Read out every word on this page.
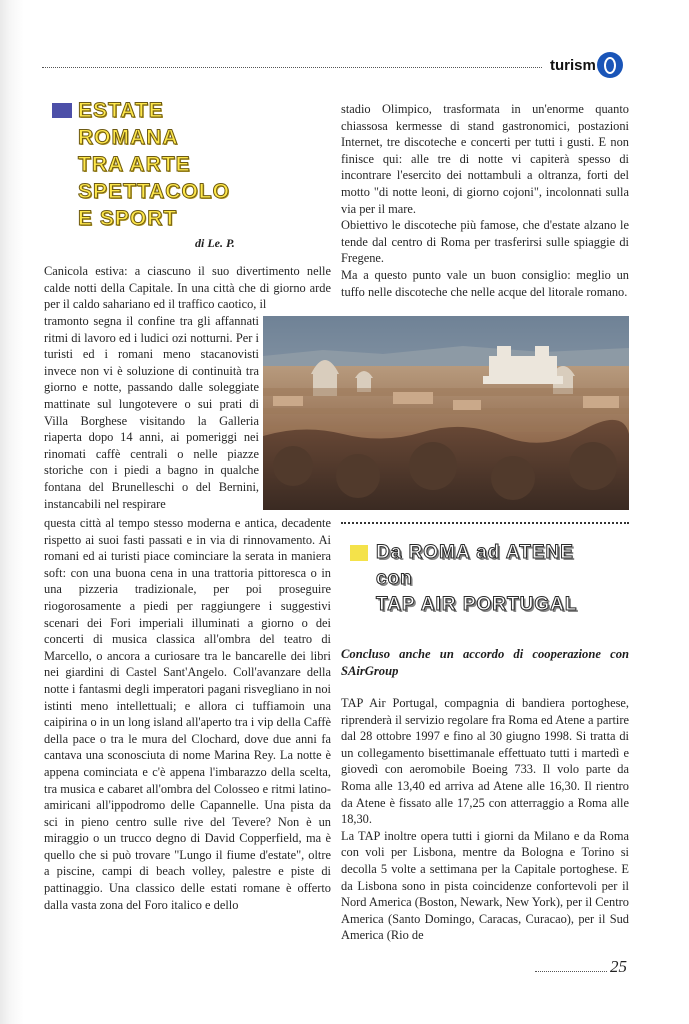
turism
ESTATE
ROMANA
TRA ARTE
SPETTACOLO
E SPORT
di Le. P.

Canicola estiva: a ciascuno il suo divertimento nelle calde notti della Capitale. In una città che di giorno arde per il caldo sahariano ed il traffico caotico, il

tramonto segna il confine tra gli affannati ritmi di lavoro ed i ludici ozi notturni. Per i turisti ed i romani meno stacanovisti invece non vi è soluzione di continuità tra giorno e notte, passando dalle soleggiate mattinate sul lungotevere o sui prati di Villa Borghese visitando la Galleria riaperta dopo 14 anni, ai pomeriggi nei rinomati caffè centrali o nelle piazze storiche con i piedi a bagno in qualche fontana del Brunelleschi o del Bernini, instancabili nel respirare

questa città al tempo stesso moderna e antica, decadente rispetto ai suoi fasti passati e in via di rinnovamento. Ai romani ed ai turisti piace cominciare la serata in maniera soft: con una buona cena in una trattoria pittoresca o in una pizzeria tradizionale, per poi proseguire riogorosamente a piedi per raggiungere i suggestivi scenari dei Fori imperiali illuminati a giorno o dei concerti di musica classica all'ombra del teatro di Marcello, o ancora a curiosare tra le bancarelle dei libri nei giardini di Castel Sant'Angelo. Coll'avanzare della notte i fantasmi degli imperatori pagani risvegliano in noi istinti meno intellettuali; e allora ci tuffiamoin una caipirina o in un long island all'aperto tra i vip della Caffè della pace o tra le mura del Clochard, dove due anni fa cantava una sconosciuta di nome Marina Rey. La notte è appena cominciata e c'è appena l'imbarazzo della scelta, tra musica e cabaret all'ombra del Colosseo e ritmi latino-amiricani all'ippodromo delle Capannelle. Una pista da sci in pieno centro sulle rive del Tevere? Non è un miraggio o un trucco degno di David Copperfield, ma è quello che si può trovare "Lungo il fiume d'estate", oltre a piscine, campi di beach volley, palestre e piste di pattinaggio. Una classico delle estati romane è offerto dalla vasta zona del Foro italico e dello

stadio Olimpico, trasformata in un'enorme quanto chiassosa kermesse di stand gastronomici, postazioni Internet, tre discoteche e concerti per tutti i gusti. E non finisce qui: alle tre di notte vi capiterà spesso di incontrare l'esercito dei nottambuli a oltranza, forti del motto "di notte leoni, di giorno cojoni", incolonnati sulla via per il mare.

Obiettivo le discoteche più famose, che d'estate alzano le tende dal centro di Roma per trasferirsi sulle spiaggie di Fregene.

Ma a questo punto vale un buon consiglio: meglio un tuffo nelle discoteche che nelle acque del litorale romano.

Da ROMA ad ATENE
con
TAP AIR PORTUGAL

Concluso anche un accordo di cooperazione con SAirGroup

TAP Air Portugal, compagnia di bandiera portoghese, riprenderà il servizio regolare fra Roma ed Atene a partire dal 28 ottobre 1997 e fino al 30 giugno 1998. Si tratta di un collegamento bisettimanale effettuato tutti i martedì e giovedì con aeromobile Boeing 733. Il volo parte da Roma alle 13,40 ed arriva ad Atene alle 16,30. Il rientro da Atene è fissato alle 17,25 con atterraggio a Roma alle 18,30.

La TAP inoltre opera tutti i giorni da Milano e da Roma con voli per Lisbona, mentre da Bologna e Torino si decolla 5 volte a settimana per la Capitale portoghese. E da Lisbona sono in pista coincidenze confortevoli per il Nord America (Boston, Newark, New York), per il Centro America (Santo Domingo, Caracas, Curacao), per il Sud America (Rio de

25
